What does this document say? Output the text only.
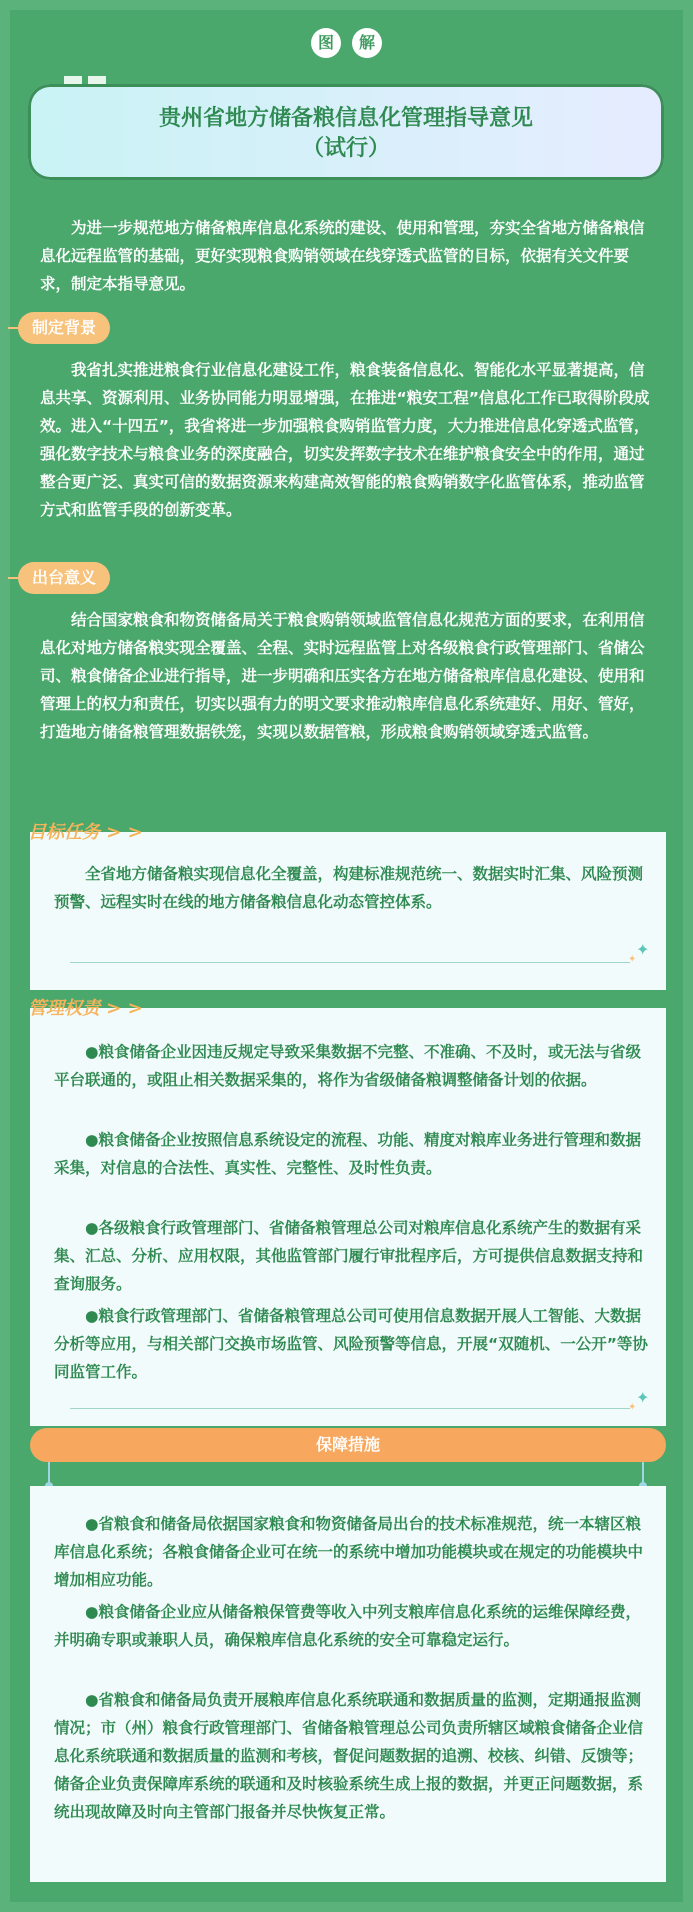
图 解
贵州省地方储备粮信息化管理指导意见
（试行）
为进一步规范地方储备粮库信息化系统的建设、使用和管理，夯实全省地方储备粮信息化远程监管的基础，更好实现粮食购销领域在线穿透式监管的目标，依据有关文件要求，制定本指导意见。
制定背景
我省扎实推进粮食行业信息化建设工作，粮食装备信息化、智能化水平显著提高，信息共享、资源利用、业务协同能力明显增强，在推进“粮安工程”信息化工作已取得阶段成效。进入“十四五”，我省将进一步加强粮食购销监管力度，大力推进信息化穿透式监管，强化数字技术与粮食业务的深度融合，切实发挥数字技术在维护粮食安全中的作用，通过整合更广泛、真实可信的数据资源来构建高效智能的粮食购销数字化监管体系，推动监管方式和监管手段的创新变革。
出台意义
结合国家粮食和物资储备局关于粮食购销领域监管信息化规范方面的要求，在利用信息化对地方储备粮实现全覆盖、全程、实时远程监管上对各级粮食行政管理部门、省储公司、粮食储备企业进行指导，进一步明确和压实各方在地方储备粮库信息化建设、使用和管理上的权力和责任，切实以强有力的明文要求推动粮库信息化系统建好、用好、管好，打造地方储备粮管理数据铁笼，实现以数据管粮，形成粮食购销领域穿透式监管。
目标任务 > >
全省地方储备粮实现信息化全覆盖，构建标准规范统一、数据实时汇集、风险预测预警、远程实时在线的地方储备粮信息化动态管控体系。
✦
✦
管理权责 > >
●粮食储备企业因违反规定导致采集数据不完整、不准确、不及时，或无法与省级平台联通的，或阻止相关数据采集的，将作为省级储备粮调整储备计划的依据。
●粮食储备企业按照信息系统设定的流程、功能、精度对粮库业务进行管理和数据采集，对信息的合法性、真实性、完整性、及时性负责。
●各级粮食行政管理部门、省储备粮管理总公司对粮库信息化系统产生的数据有采集、汇总、分析、应用权限，其他监管部门履行审批程序后，方可提供信息数据支持和查询服务。
●粮食行政管理部门、省储备粮管理总公司可使用信息数据开展人工智能、大数据分析等应用，与相关部门交换市场监管、风险预警等信息，开展“双随机、一公开”等协同监管工作。
✦
✦
保障措施
●省粮食和储备局依据国家粮食和物资储备局出台的技术标准规范，统一本辖区粮库信息化系统；各粮食储备企业可在统一的系统中增加功能模块或在规定的功能模块中增加相应功能。
●粮食储备企业应从储备粮保管费等收入中列支粮库信息化系统的运维保障经费，并明确专职或兼职人员，确保粮库信息化系统的安全可靠稳定运行。
●省粮食和储备局负责开展粮库信息化系统联通和数据质量的监测，定期通报监测情况；市（州）粮食行政管理部门、省储备粮管理总公司负责所辖区域粮食储备企业信息化系统联通和数据质量的监测和考核，督促问题数据的追溯、校核、纠错、反馈等；储备企业负责保障库系统的联通和及时核验系统生成上报的数据，并更正问题数据，系统出现故障及时向主管部门报备并尽快恢复正常。
